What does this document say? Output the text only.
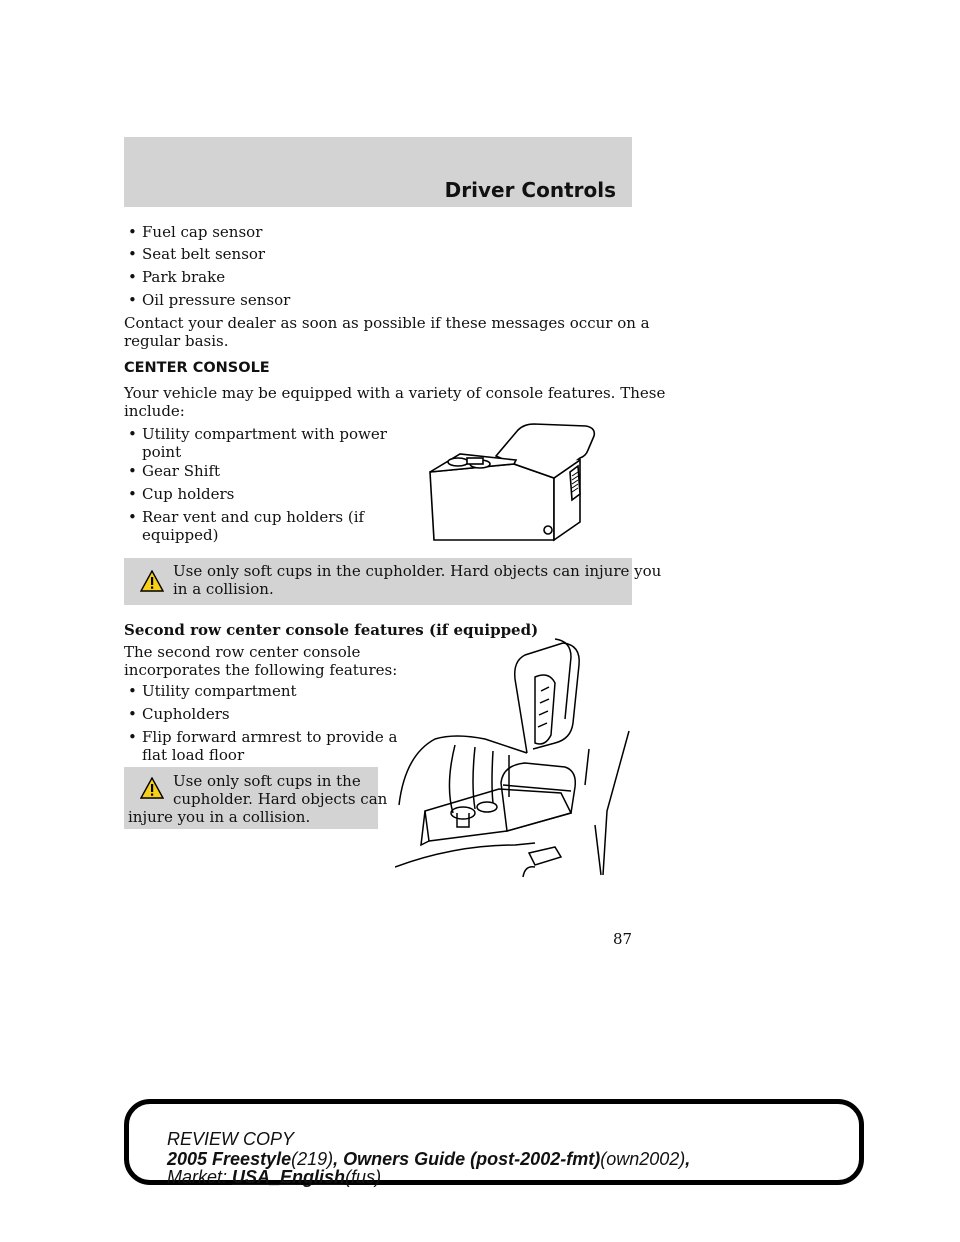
Driver Controls
• Fuel cap sensor
• Seat belt sensor
• Park brake
• Oil pressure sensor
Contact your dealer as soon as possible if these messages occur on a
regular basis.
CENTER CONSOLE
Your vehicle may be equipped with a variety of console features. These
include:
• Utility compartment with power
point
• Gear Shift
• Cup holders
• Rear vent and cup holders (if
equipped)
Use only soft cups in the cupholder. Hard objects can injure you
in a collision.
Second row center console features (if equipped)
The second row center console
incorporates the following features:
• Utility compartment
• Cupholders
• Flip forward armrest to provide a
flat load floor
Use only soft cups in the
cupholder. Hard objects can
injure you in a collision.
87
REVIEW COPY
2005 Freestyle(219), Owners Guide (post-2002-fmt)(own2002),
Market: USA_English(fus)
